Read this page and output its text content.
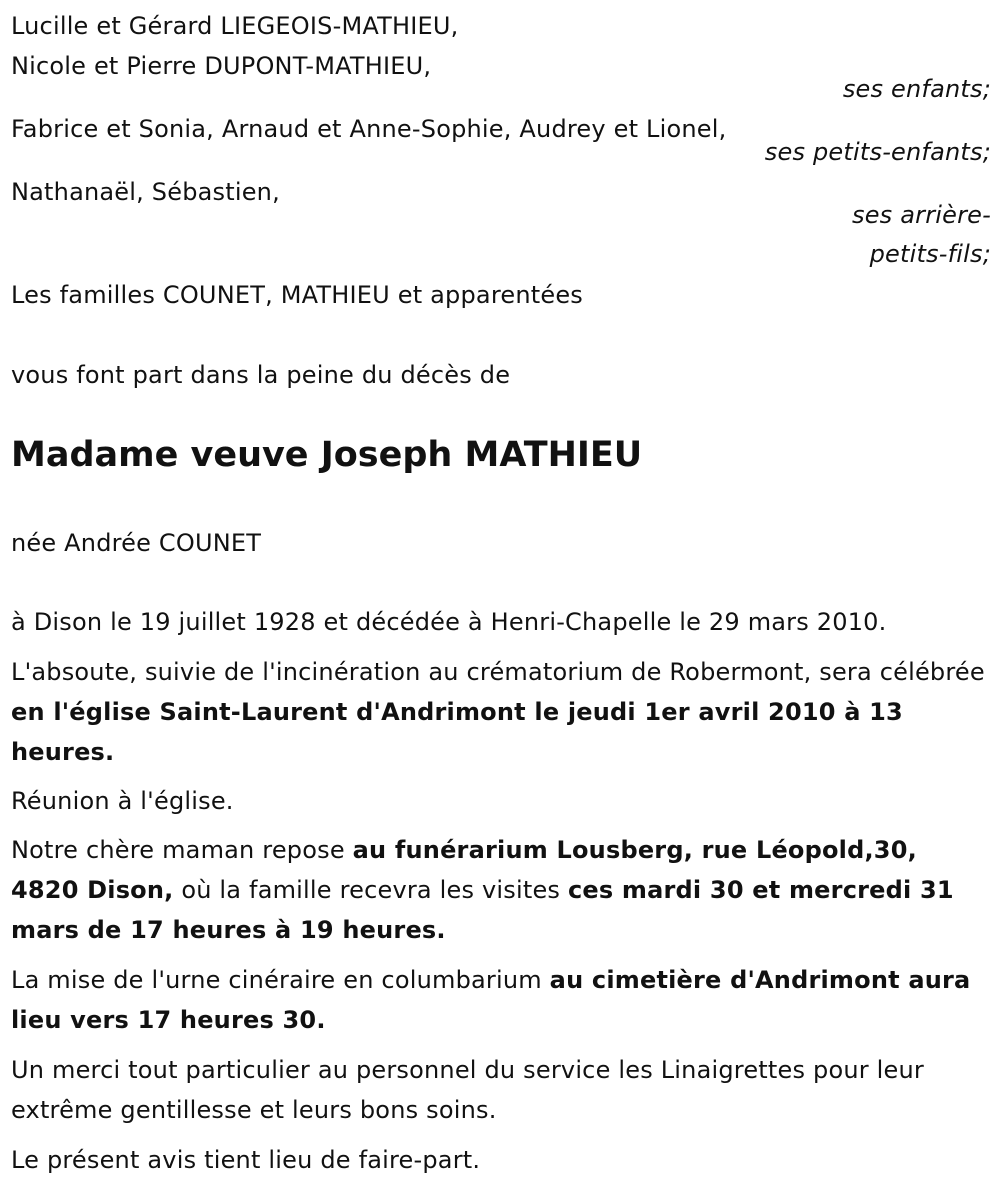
Lucille et Gérard LIEGEOIS-MATHIEU,
Nicole et Pierre DUPONT-MATHIEU,
ses enfants;
Fabrice et Sonia, Arnaud et Anne-Sophie, Audrey et Lionel,
ses petits-enfants;
Nathanaël, Sébastien,
ses arrière-
petits-fils;
Les familles COUNET, MATHIEU et apparentées
vous font part dans la peine du décès de
Madame veuve Joseph MATHIEU
née Andrée COUNET
à Dison le 19 juillet 1928 et décédée à Henri-Chapelle le 29 mars 2010.
L'absoute, suivie de l'incinération au crématorium de Robermont, sera célébrée en l'église Saint-Laurent d'Andrimont le jeudi 1er avril 2010 à 13 heures.
Réunion à l'église.
Notre chère maman repose au funérarium Lousberg, rue Léopold,30, 4820 Dison, où la famille recevra les visites ces mardi 30 et mercredi 31 mars de 17 heures à 19 heures.
La mise de l'urne cinéraire en columbarium au cimetière d'Andrimont aura lieu vers 17 heures 30.
Un merci tout particulier au personnel du service les Linaigrettes pour leur extrême gentillesse et leurs bons soins.
Le présent avis tient lieu de faire-part.
